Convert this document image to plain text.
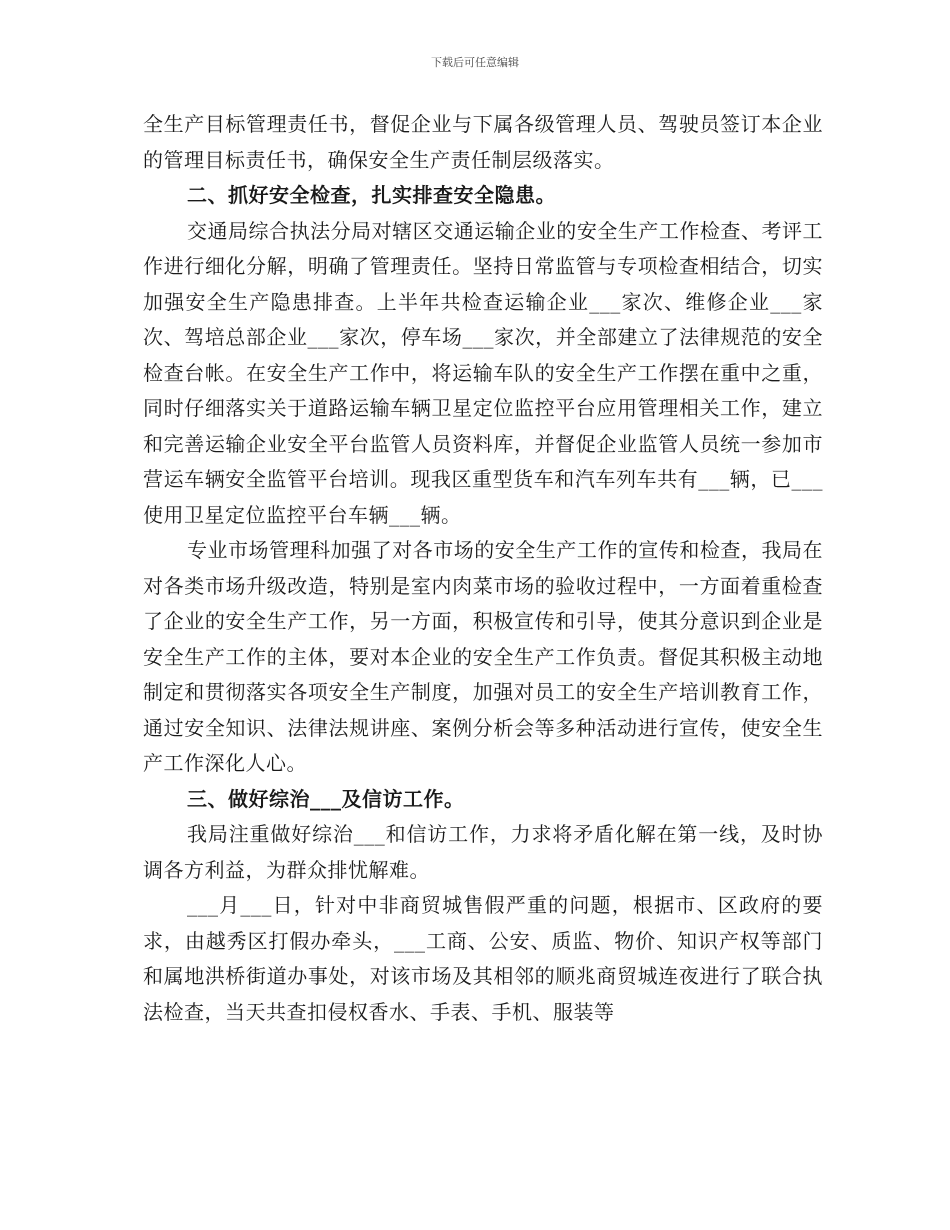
下载后可任意编辑

全生产目标管理责任书，督促企业与下属各级管理人员、驾驶员签订本企业的管理目标责任书，确保安全生产责任制层级落实。

二、抓好安全检查，扎实排查安全隐患。

交通局综合执法分局对辖区交通运输企业的安全生产工作检查、考评工作进行细化分解，明确了管理责任。坚持日常监管与专项检查相结合，切实加强安全生产隐患排查。上半年共检查运输企业___家次、维修企业___家次、驾培总部企业___家次，停车场___家次，并全部建立了法律规范的安全检查台帐。在安全生产工作中，将运输车队的安全生产工作摆在重中之重，同时仔细落实关于道路运输车辆卫星定位监控平台应用管理相关工作，建立和完善运输企业安全平台监管人员资料库，并督促企业监管人员统一参加市营运车辆安全监管平台培训。现我区重型货车和汽车列车共有___辆，已___使用卫星定位监控平台车辆___辆。

专业市场管理科加强了对各市场的安全生产工作的宣传和检查，我局在对各类市场升级改造，特别是室内肉菜市场的验收过程中，一方面着重检查了企业的安全生产工作，另一方面，积极宣传和引导，使其分意识到企业是安全生产工作的主体，要对本企业的安全生产工作负责。督促其积极主动地制定和贯彻落实各项安全生产制度，加强对员工的安全生产培训教育工作，通过安全知识、法律法规讲座、案例分析会等多种活动进行宣传，使安全生产工作深化人心。

三、做好综治___及信访工作。

我局注重做好综治___和信访工作，力求将矛盾化解在第一线，及时协调各方利益，为群众排忧解难。

___月___日，针对中非商贸城售假严重的问题，根据市、区政府的要求，由越秀区打假办牵头，___工商、公安、质监、物价、知识产权等部门和属地洪桥街道办事处，对该市场及其相邻的顺兆商贸城连夜进行了联合执法检查，当天共查扣侵权香水、手表、手机、服装等
